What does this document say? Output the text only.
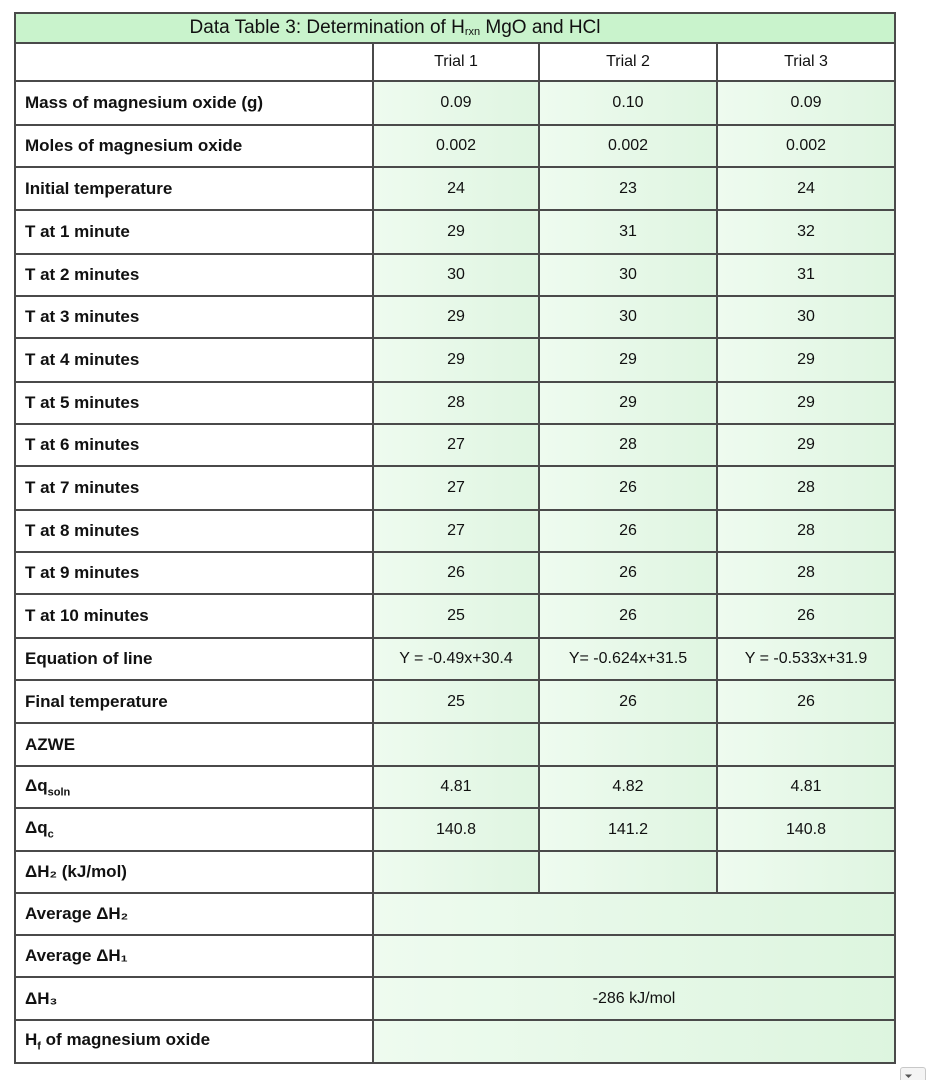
Data Table 3: Determination of $H_{rxn}$ MgO and HCl			
	Trial 1	Trial 2	Trial 3
Mass of magnesium oxide (g)	0.09	0.10	0.09
Moles of magnesium oxide	0.002	0.002	0.002
Initial temperature	24	23	24
T at 1 minute	29	31	32
T at 2 minutes	30	30	31
T at 3 minutes	29	30	30
T at 4 minutes	29	29	29
T at 5 minutes	28	29	29
T at 6 minutes	27	28	29
T at 7 minutes	27	26	28
T at 8 minutes	27	26	28
T at 9 minutes	26	26	28
T at 10 minutes	25	26	26
Equation of line	Y = -0.49x+30.4	Y= -0.624x+31.5	Y = -0.533x+31.9
Final temperature	25	26	26
AZWE			
$\Delta q_{soln}$	4.81	4.82	4.81
$\Delta q_c$	140.8	141.2	140.8
ΔH₂ (kJ/mol)			
Average ΔH₂			
Average ΔH₁			
ΔH₃	-286 kJ/mol		
$H_f$ of magnesium oxide			
